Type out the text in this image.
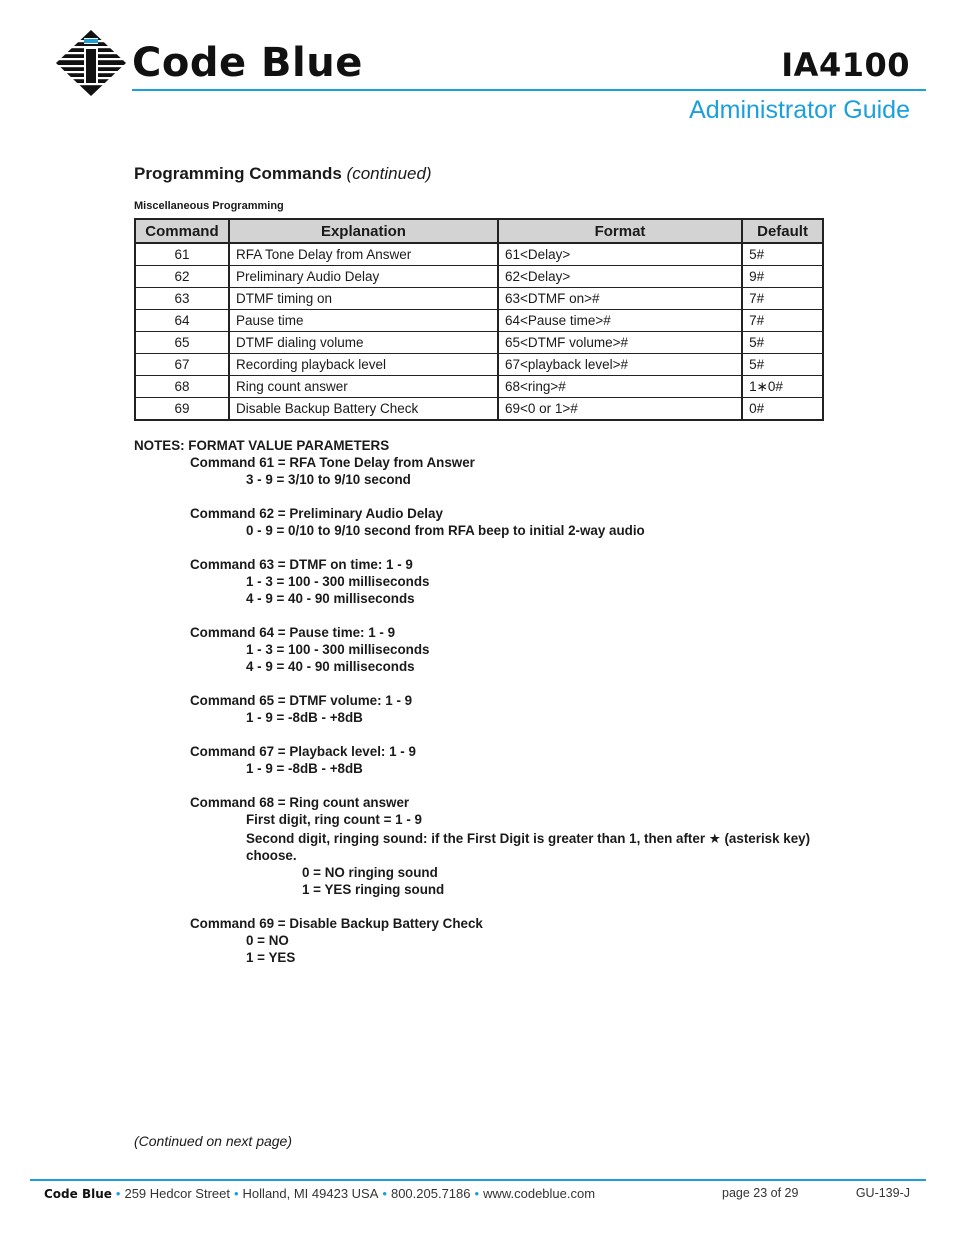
Code Blue	IA4100
Administrator Guide
Programming Commands (continued)
Miscellaneous Programming
Command	Explanation	Format	Default
61	RFA Tone Delay from Answer	61<Delay>	5#
62	Preliminary Audio Delay	62<Delay>	9#
63	DTMF timing on	63<DTMF on>#	7#
64	Pause time	64<Pause time>#	7#
65	DTMF dialing volume	65<DTMF volume>#	5#
67	Recording playback level	67<playback level>#	5#
68	Ring count answer	68<ring>#	1∗0#
69	Disable Backup Battery Check	69<0 or 1>#	0#
NOTES: FORMAT VALUE PARAMETERS
Command 61 = RFA Tone Delay from Answer
3 - 9 = 3/10 to 9/10 second
Command 62 = Preliminary Audio Delay
0 - 9 = 0/10 to 9/10 second from RFA beep to initial 2-way audio
Command 63 = DTMF on time: 1 - 9
1 - 3 = 100 - 300 milliseconds
4 - 9 = 40 - 90 milliseconds
Command 64 = Pause time: 1 - 9
1 - 3 = 100 - 300 milliseconds
4 - 9 = 40 - 90 milliseconds
Command 65 = DTMF volume: 1 - 9
1 - 9 = -8dB - +8dB
Command 67 = Playback level: 1 - 9
1 - 9 = -8dB - +8dB
Command 68 = Ring count answer
First digit, ring count = 1 - 9
Second digit, ringing sound: if the First Digit is greater than 1, then after ★ (asterisk key) choose.
0 = NO ringing sound
1 = YES ringing sound
Command 69 = Disable Backup Battery Check
0 = NO
1 = YES
(Continued on next page)
Code Blue • 259 Hedcor Street • Holland, MI 49423 USA • 800.205.7186 • www.codeblue.com	page 23 of 29	GU-139-J
